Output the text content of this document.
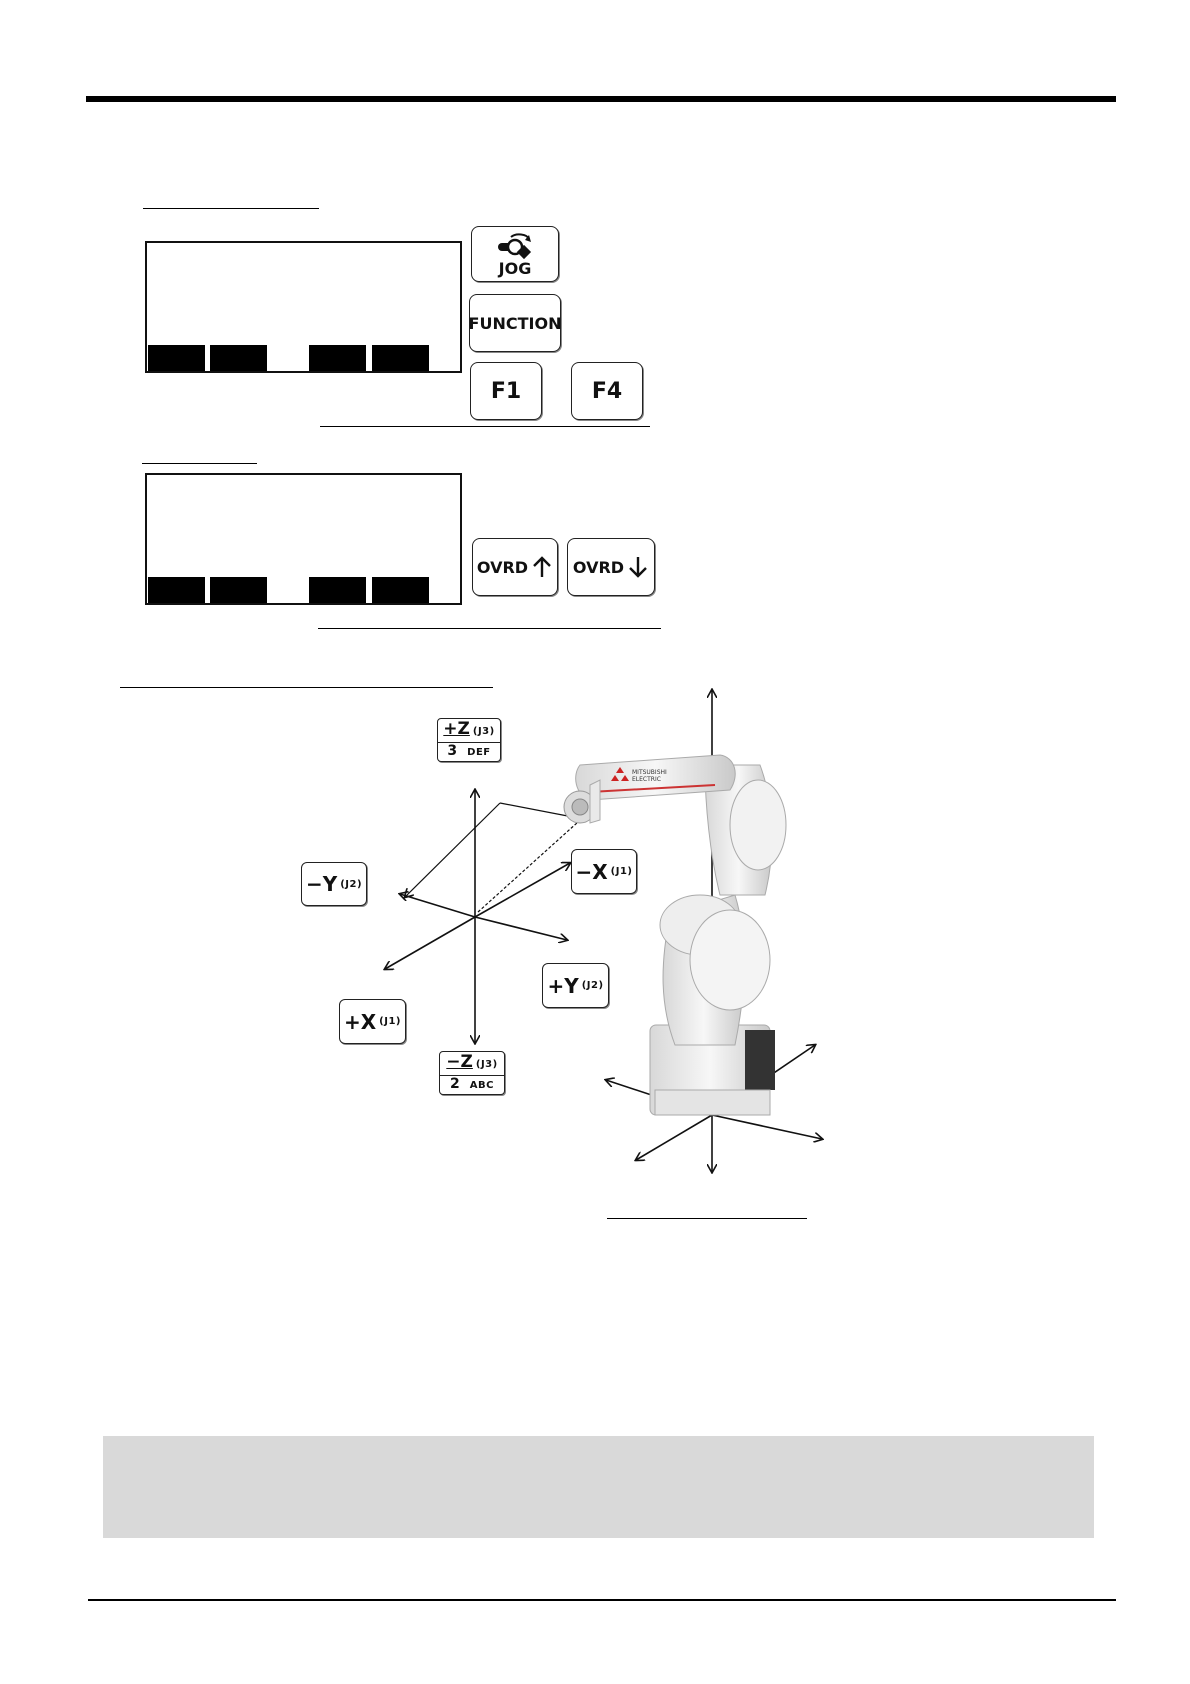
JOG
FUNCTION
F1	F4
OVRD	OVRD
MITSUBISHI
ELECTRIC
+Z (J3)
3 DEF
−Y (J2)
−X (J1)
+Y (J2)
+X (J1)
−Z (J3)
2 ABC
